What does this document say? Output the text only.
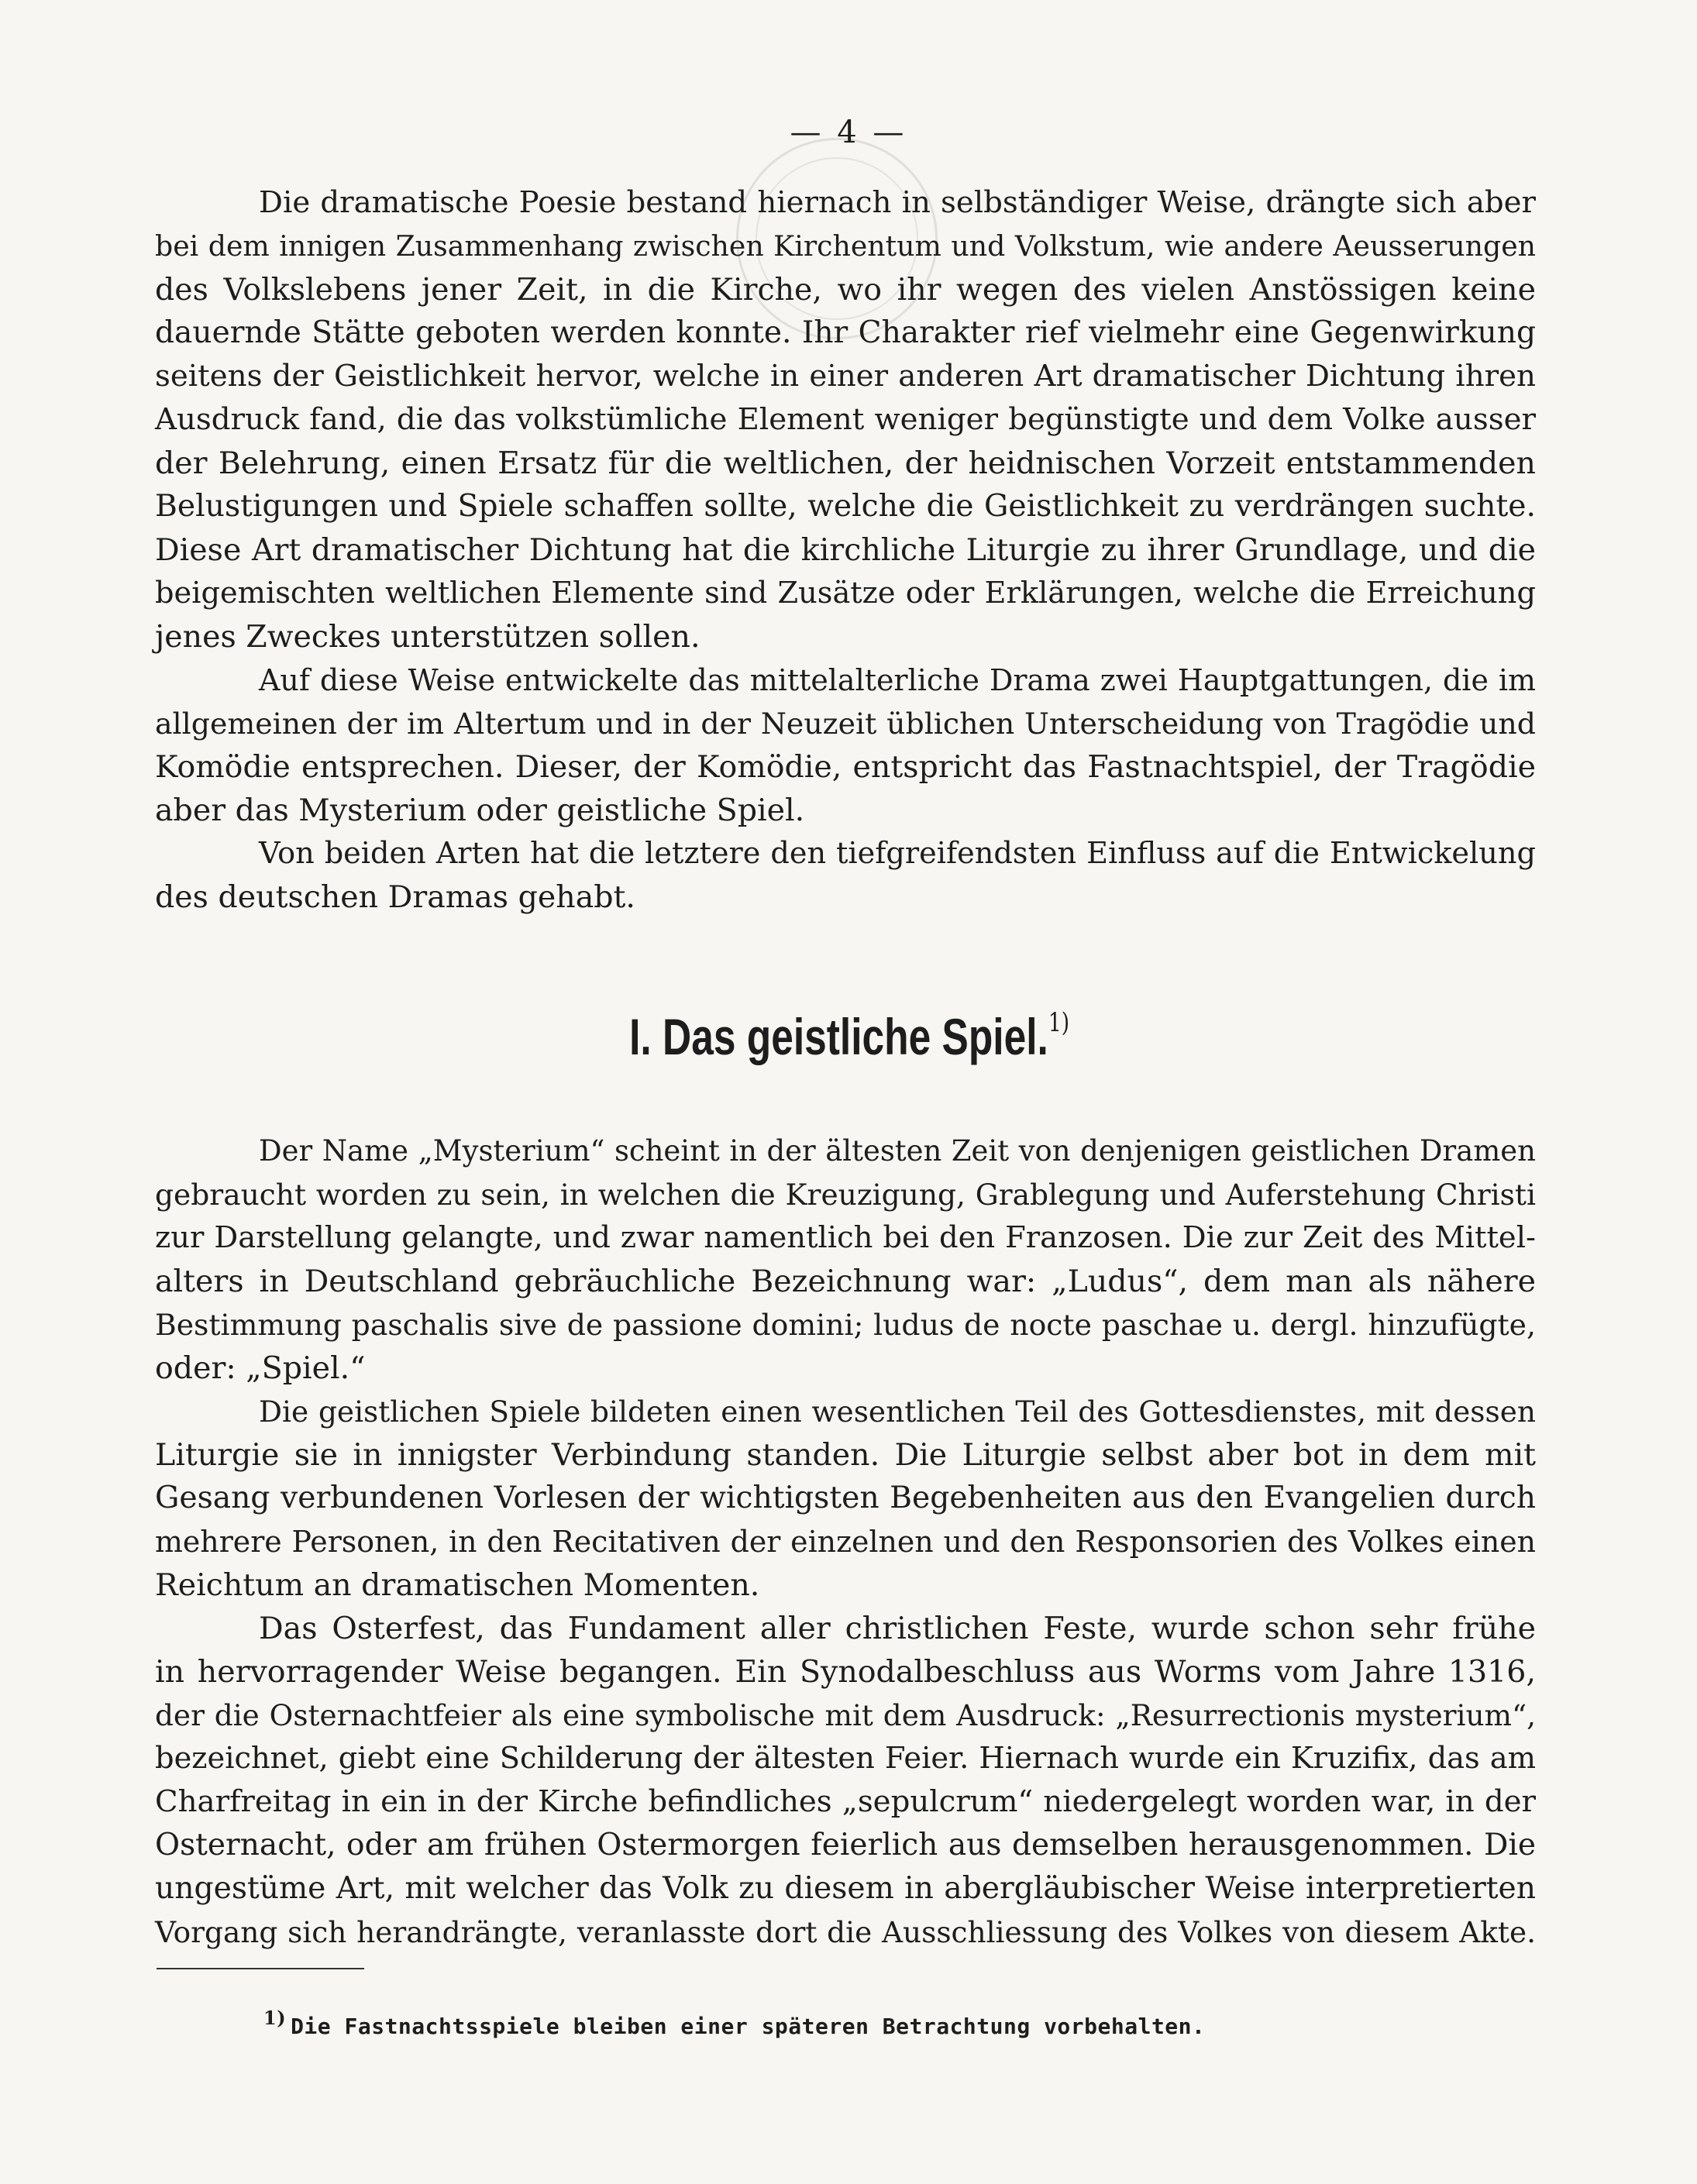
— 4 —
Die dramatische Poesie bestand hiernach in selbständiger Weise, drängte sich aber
bei dem innigen Zusammenhang zwischen Kirchentum und Volkstum, wie andere Aeusserungen
des Volkslebens jener Zeit, in die Kirche, wo ihr wegen des vielen Anstössigen keine
dauernde Stätte geboten werden konnte. Ihr Charakter rief vielmehr eine Gegenwirkung
seitens der Geistlichkeit hervor, welche in einer anderen Art dramatischer Dichtung ihren
Ausdruck fand, die das volkstümliche Element weniger begünstigte und dem Volke ausser
der Belehrung, einen Ersatz für die weltlichen, der heidnischen Vorzeit entstammenden
Belustigungen und Spiele schaffen sollte, welche die Geistlichkeit zu verdrängen suchte.
Diese Art dramatischer Dichtung hat die kirchliche Liturgie zu ihrer Grundlage, und die
beigemischten weltlichen Elemente sind Zusätze oder Erklärungen, welche die Erreichung
jenes Zweckes unterstützen sollen.
Auf diese Weise entwickelte das mittelalterliche Drama zwei Hauptgattungen, die im
allgemeinen der im Altertum und in der Neuzeit üblichen Unterscheidung von Tragödie und
Komödie entsprechen. Dieser, der Komödie, entspricht das Fastnachtspiel, der Tragödie
aber das Mysterium oder geistliche Spiel.
Von beiden Arten hat die letztere den tiefgreifendsten Einfluss auf die Entwickelung
des deutschen Dramas gehabt.
I. Das geistliche Spiel.$^{1)}$
Der Name „Mysterium“ scheint in der ältesten Zeit von denjenigen geistlichen Dramen
gebraucht worden zu sein, in welchen die Kreuzigung, Grablegung und Auferstehung Christi
zur Darstellung gelangte, und zwar namentlich bei den Franzosen. Die zur Zeit des Mittel-
alters in Deutschland gebräuchliche Bezeichnung war: „Ludus“, dem man als nähere
Bestimmung paschalis sive de passione domini; ludus de nocte paschae u. dergl. hinzufügte,
oder: „Spiel.“
Die geistlichen Spiele bildeten einen wesentlichen Teil des Gottesdienstes, mit dessen
Liturgie sie in innigster Verbindung standen. Die Liturgie selbst aber bot in dem mit
Gesang verbundenen Vorlesen der wichtigsten Begebenheiten aus den Evangelien durch
mehrere Personen, in den Recitativen der einzelnen und den Responsorien des Volkes einen
Reichtum an dramatischen Momenten.
Das Osterfest, das Fundament aller christlichen Feste, wurde schon sehr frühe
in hervorragender Weise begangen. Ein Synodalbeschluss aus Worms vom Jahre 1316,
der die Osternachtfeier als eine symbolische mit dem Ausdruck: „Resurrectionis mysterium“,
bezeichnet, giebt eine Schilderung der ältesten Feier. Hiernach wurde ein Kruzifix, das am
Charfreitag in ein in der Kirche befindliches „sepulcrum“ niedergelegt worden war, in der
Osternacht, oder am frühen Ostermorgen feierlich aus demselben herausgenommen. Die
ungestüme Art, mit welcher das Volk zu diesem in abergläubischer Weise interpretierten
Vorgang sich herandrängte, veranlasste dort die Ausschliessung des Volkes von diesem Akte.
1) Die Fastnachtsspiele bleiben einer späteren Betrachtung vorbehalten.
